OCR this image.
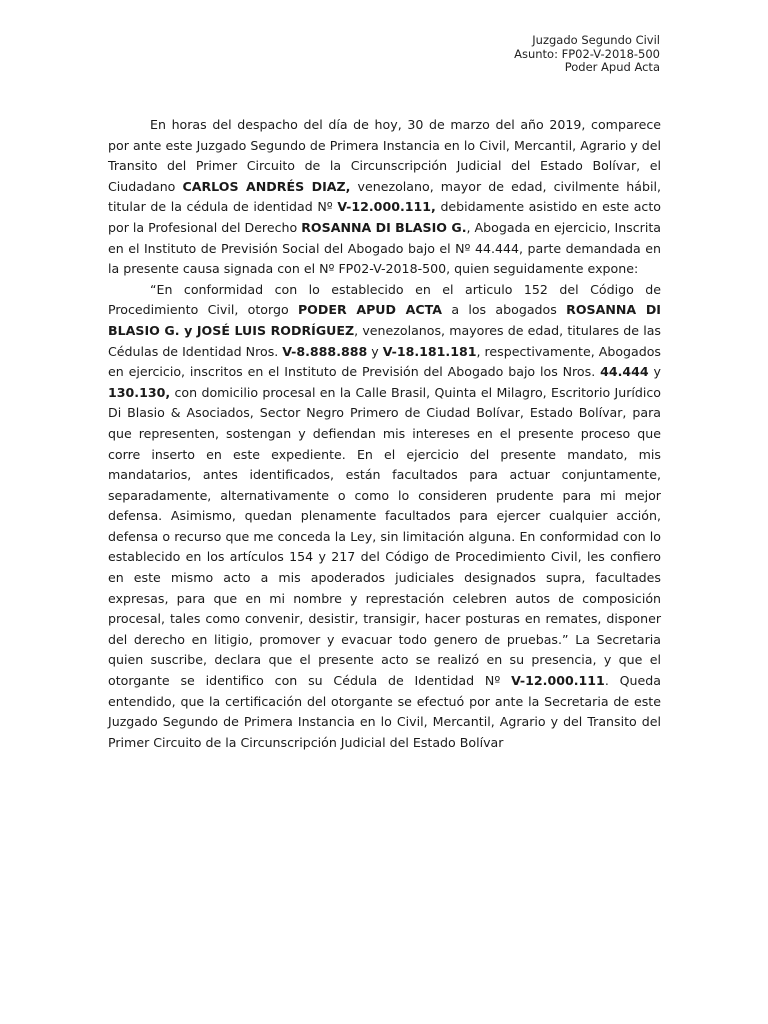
Juzgado Segundo Civil
Asunto: FP02-V-2018-500
Poder Apud Acta

En horas del despacho del día de hoy, 30 de marzo del año 2019, comparece por ante este Juzgado Segundo de Primera Instancia en lo Civil, Mercantil, Agrario y del Transito del Primer Circuito de la Circunscripción Judicial del Estado Bolívar, el Ciudadano CARLOS ANDRÉS DIAZ, venezolano, mayor de edad, civilmente hábil, titular de la cédula de identidad Nº V-12.000.111, debidamente asistido en este acto por la Profesional del Derecho ROSANNA DI BLASIO G., Abogada en ejercicio, Inscrita en el Instituto de Previsión Social del Abogado bajo el Nº 44.444, parte demandada en la presente causa signada con el Nº FP02-V-2018-500, quien seguidamente expone:

“En conformidad con lo establecido en el articulo 152 del Código de Procedimiento Civil, otorgo PODER APUD ACTA a los abogados ROSANNA DI BLASIO G. y JOSÉ LUIS RODRÍGUEZ, venezolanos, mayores de edad, titulares de las Cédulas de Identidad Nros. V-8.888.888 y V-18.181.181, respectivamente, Abogados en ejercicio, inscritos en el Instituto de Previsión del Abogado bajo los Nros. 44.444 y 130.130, con domicilio procesal en la Calle Brasil, Quinta el Milagro, Escritorio Jurídico Di Blasio & Asociados, Sector Negro Primero de Ciudad Bolívar, Estado Bolívar, para que representen, sostengan y defiendan mis intereses en el presente proceso que corre inserto en este expediente. En el ejercicio del presente mandato, mis mandatarios, antes identificados, están facultados para actuar conjuntamente, separadamente, alternativamente o como lo consideren prudente para mi mejor defensa. Asimismo, quedan plenamente facultados para ejercer cualquier acción, defensa o recurso que me conceda la Ley, sin limitación alguna. En conformidad con lo establecido en los artículos 154 y 217 del Código de Procedimiento Civil, les confiero en este mismo acto a mis apoderados judiciales designados supra, facultades expresas, para que en mi nombre y represtación celebren autos de composición procesal, tales como convenir, desistir, transigir, hacer posturas en remates, disponer del derecho en litigio, promover y evacuar todo genero de pruebas.” La Secretaria quien suscribe, declara que el presente acto se realizó en su presencia, y que el otorgante se identifico con su Cédula de Identidad Nº V-12.000.111. Queda entendido, que la certificación del otorgante se efectuó por ante la Secretaria de este Juzgado Segundo de Primera Instancia en lo Civil, Mercantil, Agrario y del Transito del Primer Circuito de la Circunscripción Judicial del Estado Bolívar
